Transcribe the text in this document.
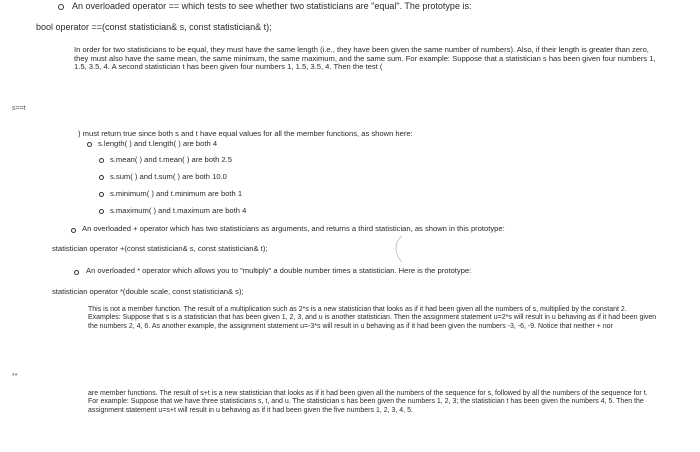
An overloaded operator == which tests to see whether two statisticians are "equal". The prototype is:
bool operator ==(const statistician& s, const statistician& t);
In order for two statisticians to be equal, they must have the same length (i.e., they have been given the same number of numbers). Also, if their length is greater than zero, they must also have the same mean, the same minimum, the same maximum, and the same sum. For example: Suppose that a statistician s has been given four numbers 1, 1.5, 3.5, 4. A second statistician t has been given four numbers 1, 1.5, 3.5, 4. Then the test (
s==t
) must return true since both s and t have equal values for all the member functions, as shown here:
s.length( ) and t.length( ) are both 4
s.mean( ) and t.mean( ) are both 2.5
s.sum( ) and t.sum( ) are both 10.0
s.minimum( ) and t.minimum are both 1
s.maximum( ) and t.maximum are both 4
An overloaded + operator which has two statisticians as arguments, and returns a third statistician, as shown in this prototype:
statistician operator +(const statistician& s, const statistician& t);
An overloaded * operator which allows you to "multiply" a double number times a statistician. Here is the prototype:
statistician operator *(double scale, const statistician& s);
This is not a member function. The result of a multiplication such as 2*s is a new statistician that looks as if it had been given all the numbers of s, multiplied by the constant 2. Examples: Suppose that s is a statistician that has been given 1, 2, 3, and u is another statistician. Then the assignment statement u=2*s will result in u behaving as if it had been given the numbers 2, 4, 6. As another example, the assignment statement u=-3*s will result in u behaving as if it had been given the numbers -3, -6, -9. Notice that neither + nor
**
are member functions. The result of s+t is a new statistician that looks as if it had been given all the numbers of the sequence for s, followed by all the numbers of the sequence for t. For example: Suppose that we have three statisticians s, t, and u. The statistician s has been given the numbers 1, 2, 3; the statistician t has been given the numbers 4, 5. Then the assignment statement u=s+t will result in u behaving as if it had been given the five numbers 1, 2, 3, 4, 5.
